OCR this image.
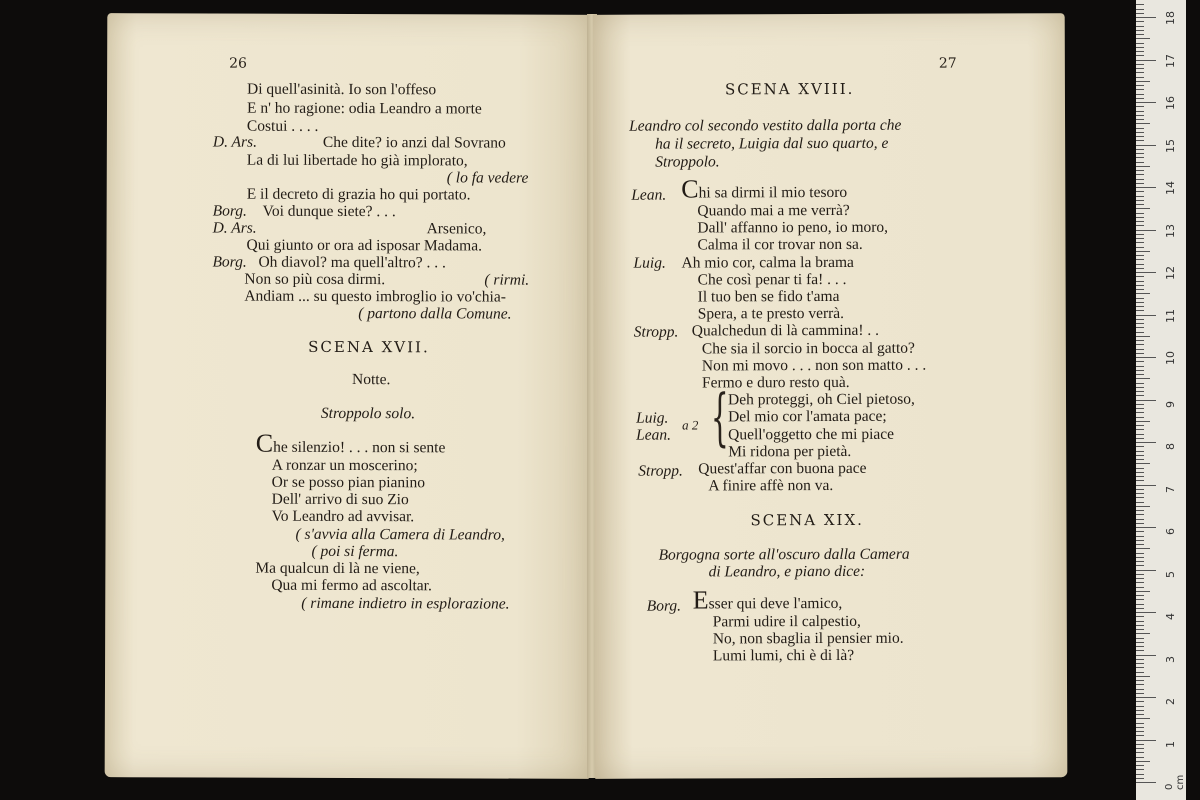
26
Di quell'asinità. Io son l'offeso
E n' ho ragione: odia Leandro a morte
Costui . . . .
D. Ars.	Che dite? io anzi dal Sovrano
La di lui libertade ho già implorato,
( lo fa vedere
E il decreto di grazia ho qui portato.
Borg. Voi dunque siete? . . .
D. Ars.	Arsenico,
Qui giunto or ora ad isposar Madama.
Borg. Oh diavol? ma quell'altro? . . .
Non so più cosa dirmi.	( rirmi.
Andiam ... su questo imbroglio io vo'chia-
( partono dalla Comune.
SCENA XVII.
Notte.
Stroppolo solo.
Che silenzio! . . . non si sente
A ronzar un moscerino;
Or se posso pian pianino
Dell' arrivo di suo Zio
Vo Leandro ad avvisar.
( s'avvia alla Camera di Leandro,
( poi si ferma.
Ma qualcun di là ne viene,
Qua mi fermo ad ascoltar.
( rimane indietro in esplorazione.
27
SCENA XVIII.
Leandro col secondo vestito dalla porta che
ha il secreto, Luigia dal suo quarto, e
Stroppolo.
Lean. Chi sa dirmi il mio tesoro
Quando mai a me verrà?
Dall' affanno io peno, io moro,
Calma il cor trovar non sa.
Luig. Ah mio cor, calma la brama
Che così penar ti fa! . . .
Il tuo ben se fido t'ama
Spera, a te presto verrà.
Stropp. Qualchedun di là cammina! . .
Che sia il sorcio in bocca al gatto?
Non mi movo . . . non son matto . . .
Fermo e duro resto quà.
Luig.
Lean.
a 2 { Deh proteggi, oh Ciel pietoso,
Del mio cor l'amata pace;
Quell'oggetto che mi piace
Mi ridona per pietà.
Stropp. Quest'affar con buona pace
A finire affè non va.
SCENA XIX.
Borgogna sorte all'oscuro dalla Camera
di Leandro, e piano dice:
Borg. Esser qui deve l'amico,
Parmi udire il calpestio,
No, non sbaglia il pensier mio.
Lumi lumi, chi è di là?
0 cm
1
2
3
4
5
6
7
8
9
10
11
12
13
14
15
16
17
18
